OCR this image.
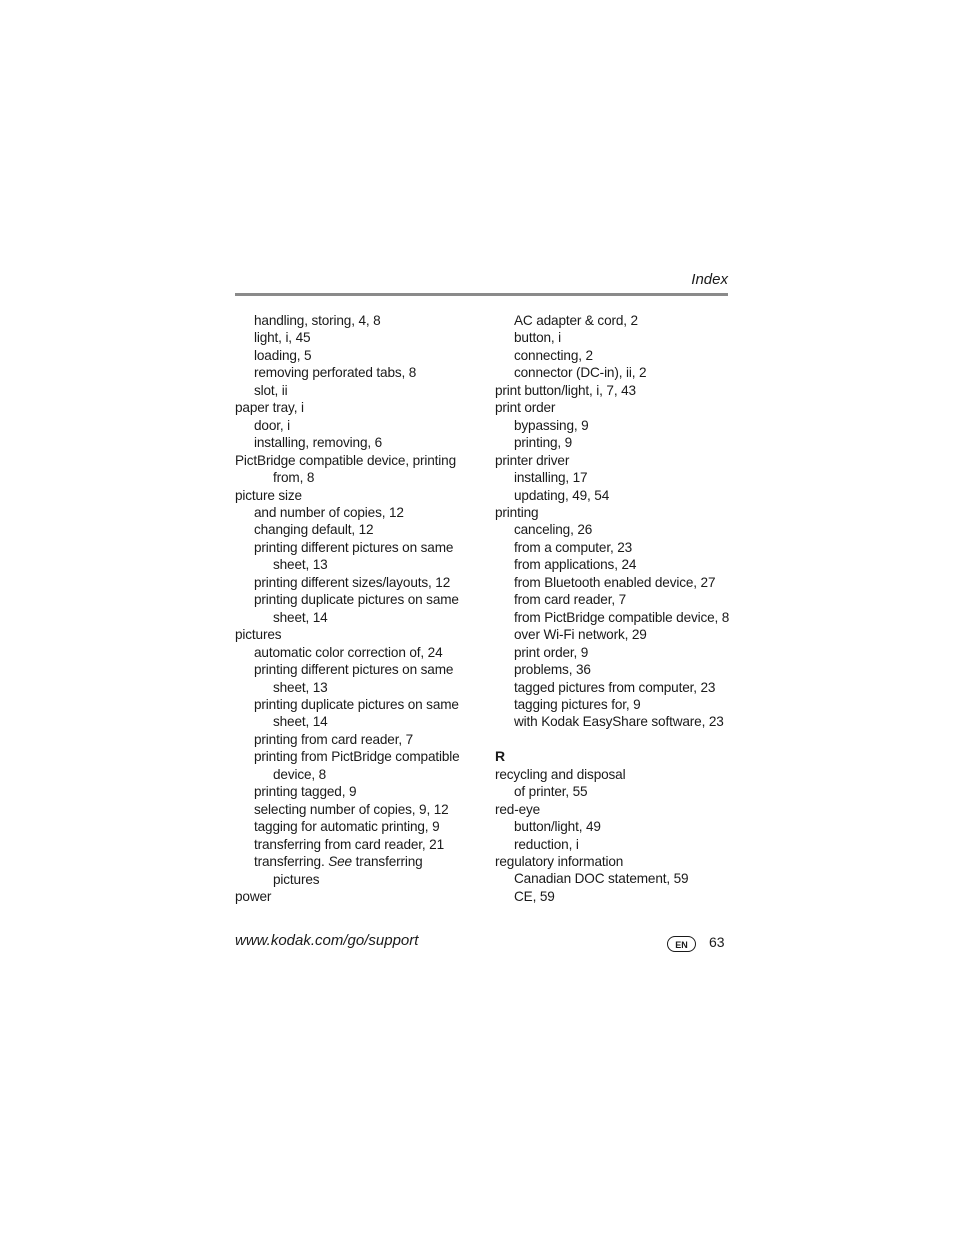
Index
handling, storing, 4, 8
light, i, 45
loading, 5
removing perforated tabs, 8
slot, ii
paper tray, i
door, i
installing, removing, 6
PictBridge compatible device, printing
from, 8
picture size
and number of copies, 12
changing default, 12
printing different pictures on same
sheet, 13
printing different sizes/layouts, 12
printing duplicate pictures on same
sheet, 14
pictures
automatic color correction of, 24
printing different pictures on same
sheet, 13
printing duplicate pictures on same
sheet, 14
printing from card reader, 7
printing from PictBridge compatible
device, 8
printing tagged, 9
selecting number of copies, 9, 12
tagging for automatic printing, 9
transferring from card reader, 21
transferring. See transferring
pictures
power
AC adapter & cord, 2
button, i
connecting, 2
connector (DC-in), ii, 2
print button/light, i, 7, 43
print order
bypassing, 9
printing, 9
printer driver
installing, 17
updating, 49, 54
printing
canceling, 26
from a computer, 23
from applications, 24
from Bluetooth enabled device, 27
from card reader, 7
from PictBridge compatible device, 8
over Wi-Fi network, 29
print order, 9
problems, 36
tagged pictures from computer, 23
tagging pictures for, 9
with Kodak EasyShare software, 23
R
recycling and disposal
of printer, 55
red-eye
button/light, 49
reduction, i
regulatory information
Canadian DOC statement, 59
CE, 59
www.kodak.com/go/support	EN	63
